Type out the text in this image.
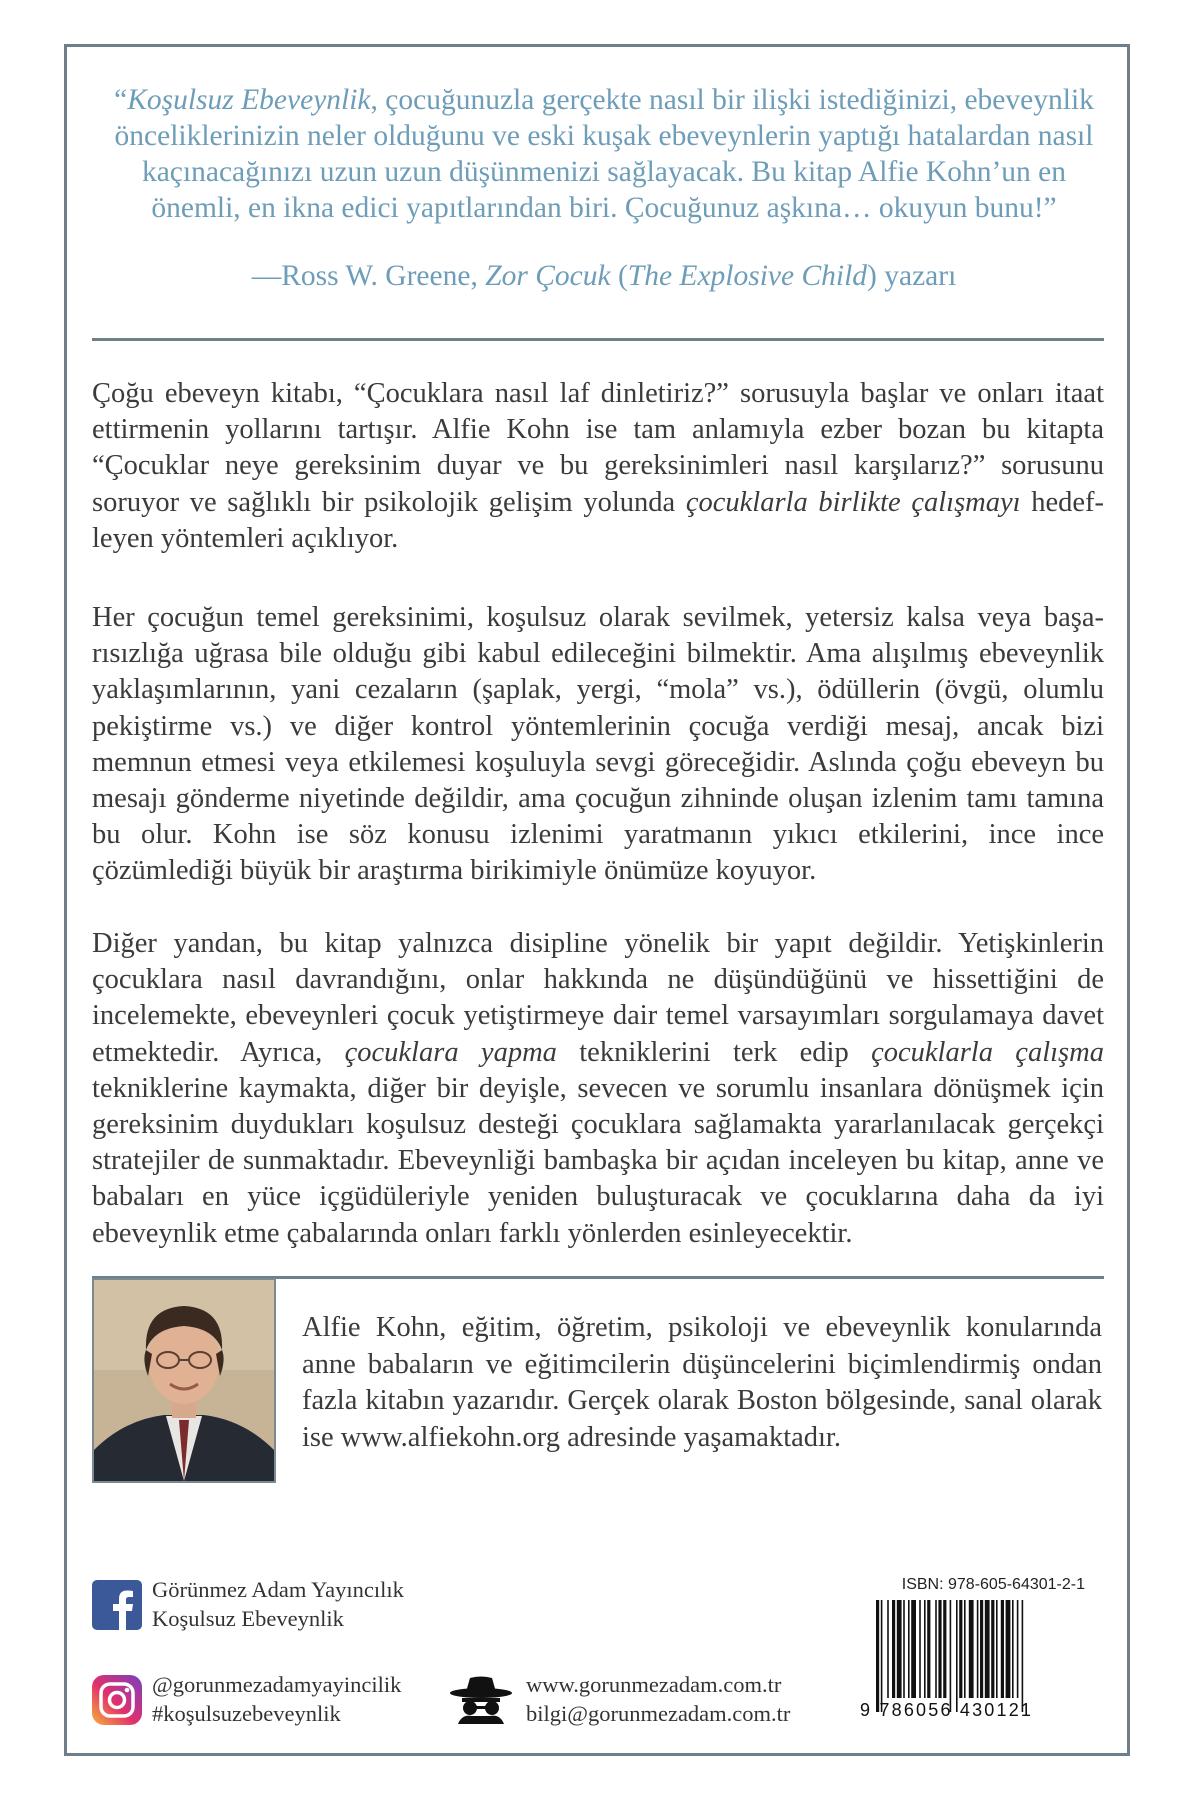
“Koşulsuz Ebeveynlik, çocuğunuzla gerçekte nasıl bir ilişki istediğinizi, ebeveynlik önceliklerinizin neler olduğunu ve eski kuşak ebeveynlerin yaptığı hatalardan nasıl kaçınacağınızı uzun uzun düşünmenizi sağlayacak. Bu kitap Alfie Kohn’un en önemli, en ikna edici yapıtlarından biri. Çocuğunuz aşkına… okuyun bunu!”

—Ross W. Greene, Zor Çocuk (The Explosive Child) yazarı

Çoğu ebeveyn kitabı, “Çocuklara nasıl laf dinletiriz?” sorusuyla başlar ve onları itaat ettirmenin yollarını tartışır. Alfie Kohn ise tam anlamıyla ezber bozan bu kitapta “Çocuklar neye gereksinim duyar ve bu gereksinimleri nasıl karşılarız?” sorusunu soruyor ve sağlıklı bir psikolojik gelişim yolunda çocuklarla birlikte çalışmayı hedefleyen yöntemleri açıklıyor.

Her çocuğun temel gereksinimi, koşulsuz olarak sevilmek, yetersiz kalsa veya başarısızlığa uğrasa bile olduğu gibi kabul edileceğini bilmektir. Ama alışılmış ebeveynlik yaklaşımlarının, yani cezaların (şaplak, yergi, “mola” vs.), ödüllerin (övgü, olumlu pekiştirme vs.) ve diğer kontrol yöntemlerinin çocuğa verdiği mesaj, ancak bizi memnun etmesi veya etkilemesi koşuluyla sevgi göreceğidir. Aslında çoğu ebeveyn bu mesajı gönderme niyetinde değildir, ama çocuğun zihninde oluşan izlenim tamı tamına bu olur. Kohn ise söz konusu izlenimi yaratmanın yıkıcı etkilerini, ince ince çözümlediği büyük bir araştırma birikimiyle önümüze koyuyor.

Diğer yandan, bu kitap yalnızca disipline yönelik bir yapıt değildir. Yetişkinlerin çocuklara nasıl davrandığını, onlar hakkında ne düşündüğünü ve hissettiğini de incelemekte, ebeveynleri çocuk yetiştirmeye dair temel varsayımları sorgulamaya davet etmektedir. Ayrıca, çocuklara yapma tekniklerini terk edip çocuklarla çalışma tekniklerine kaymakta, diğer bir deyişle, sevecen ve sorumlu insanlara dönüşmek için gereksinim duydukları koşulsuz desteği çocuklara sağlamakta yararlanılacak gerçekçi stratejiler de sunmaktadır. Ebeveynliği bambaşka bir açıdan inceleyen bu kitap, anne ve babaları en yüce içgüdüleriyle yeniden buluşturacak ve çocuklarına daha da iyi ebeveynlik etme çabalarında onları farklı yönlerden esinleyecektir.

Alfie Kohn, eğitim, öğretim, psikoloji ve ebeveynlik konularında anne babaların ve eğitimcilerin düşüncelerini biçimlendirmiş ondan fazla kitabın yazarıdır. Gerçek olarak Boston bölgesinde, sanal olarak ise www.alfiekohn.org adresinde yaşamaktadır.
Görünmez Adam Yayıncılık
Koşulsuz Ebeveynlik
@gorunmezadamyayincilik
#koşulsuzebeveynlik
www.gorunmezadam.com.tr
bilgi@gorunmezadam.com.tr
ISBN: 978-605-64301-2-1
9 786056 430121
